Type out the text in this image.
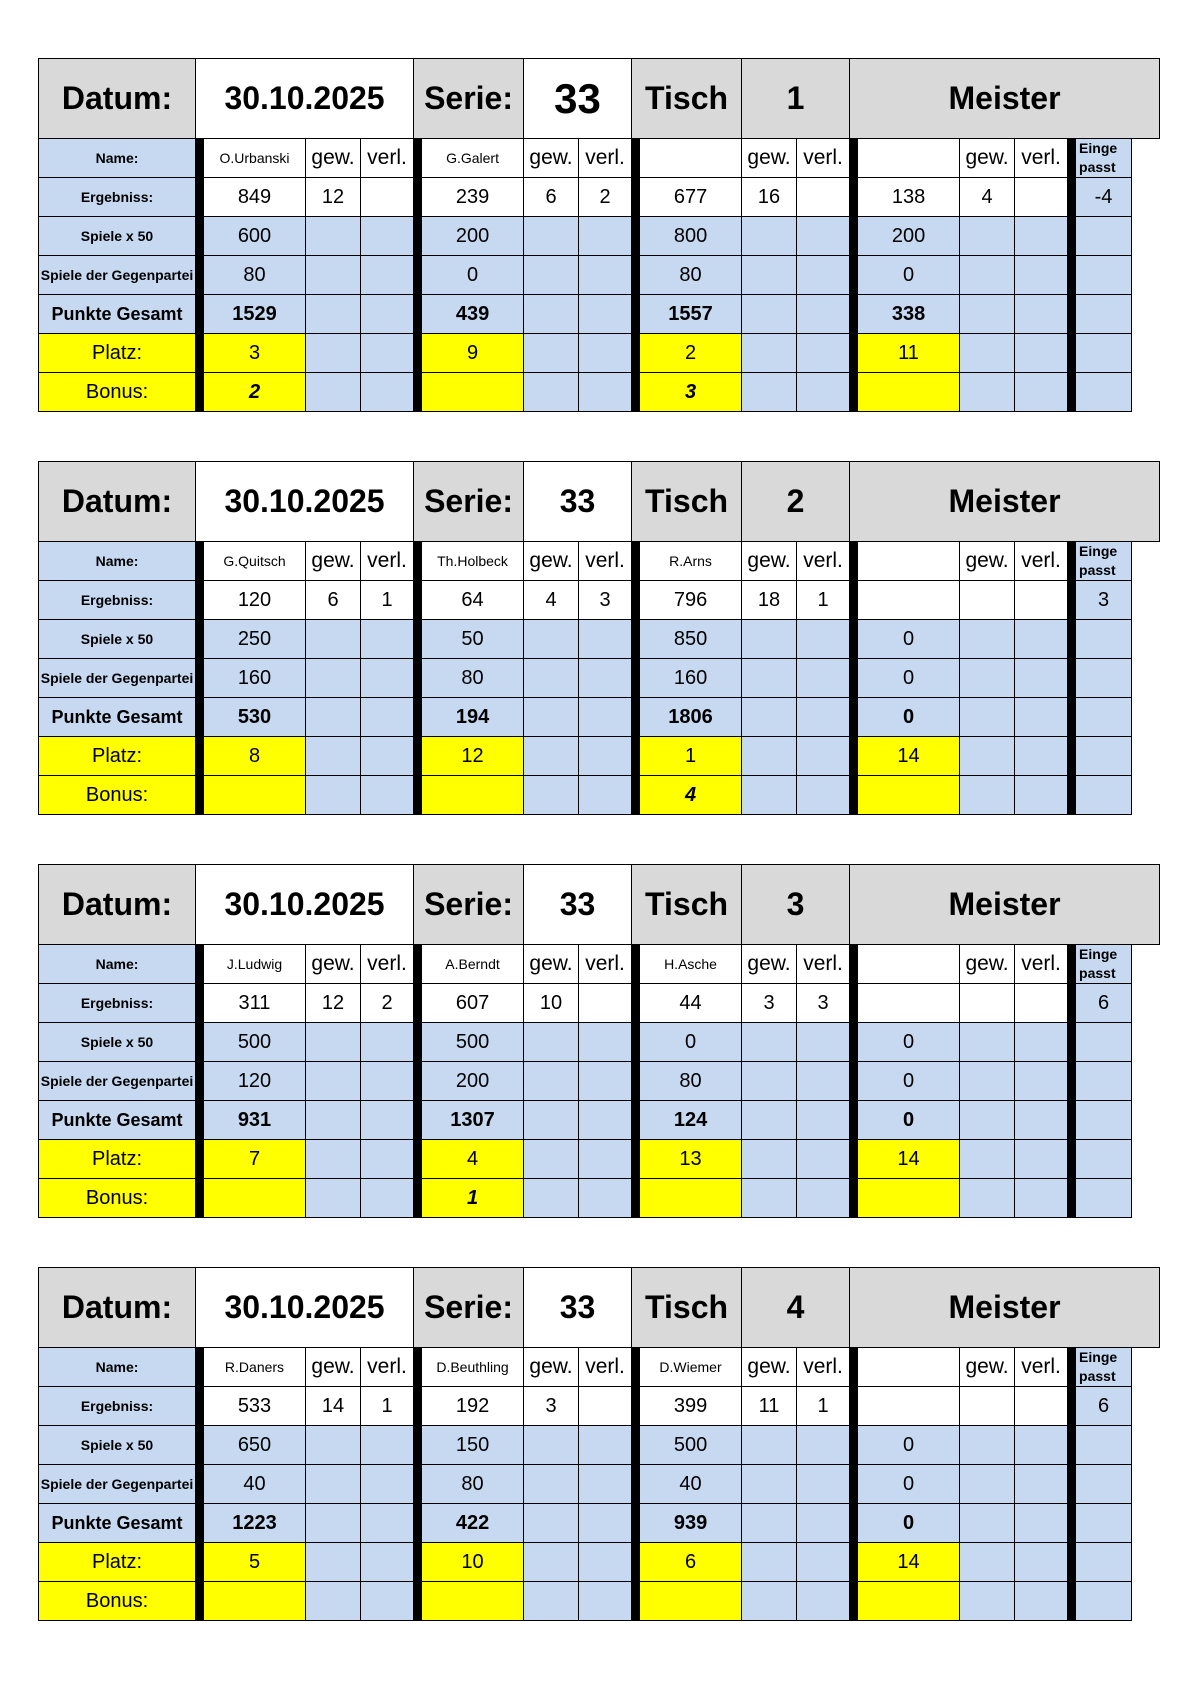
Datum:	30.10.2025				Serie:		33		Tisch		1		Meister					
Name:		O.Urbanski	gew.	verl.		G.Galert	gew.	verl.			gew.	verl.			gew.	verl.		Einge passt
Ergebniss:		849	12			239	6	2		677	16			138	4			-4
Spiele x 50		600				200				800				200				
Spiele der Gegenpartei		80				0				80				0				
Punkte Gesamt		1529				439				1557				338				
Platz:		3				9				2				11				
Bonus:		2								3								
Datum:	30.10.2025				Serie:		33		Tisch		2		Meister					
Name:		G.Quitsch	gew.	verl.		Th.Holbeck	gew.	verl.		R.Arns	gew.	verl.			gew.	verl.		Einge passt
Ergebniss:		120	6	1		64	4	3		796	18	1						3
Spiele x 50		250				50				850				0				
Spiele der Gegenpartei		160				80				160				0				
Punkte Gesamt		530				194				1806				0				
Platz:		8				12				1				14				
Bonus:										4								
Datum:	30.10.2025				Serie:		33		Tisch		3		Meister					
Name:		J.Ludwig	gew.	verl.		A.Berndt	gew.	verl.		H.Asche	gew.	verl.			gew.	verl.		Einge passt
Ergebniss:		311	12	2		607	10			44	3	3						6
Spiele x 50		500				500				0				0				
Spiele der Gegenpartei		120				200				80				0				
Punkte Gesamt		931				1307				124				0				
Platz:		7				4				13				14				
Bonus:						1												
Datum:	30.10.2025				Serie:		33		Tisch		4		Meister					
Name:		R.Daners	gew.	verl.		D.Beuthling	gew.	verl.		D.Wiemer	gew.	verl.			gew.	verl.		Einge passt
Ergebniss:		533	14	1		192	3			399	11	1						6
Spiele x 50		650				150				500				0				
Spiele der Gegenpartei		40				80				40				0				
Punkte Gesamt		1223				422				939				0				
Platz:		5				10				6				14				
Bonus:																		
